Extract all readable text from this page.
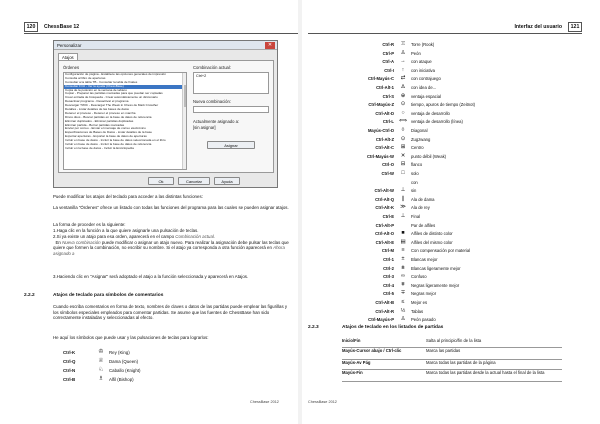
120	ChessBase 12
Personalizar	✕
Atajos
Órdenes
Configuración de página - Establece las opciones generales de impresión
Consulta al libro de aperturas
Consultar a la tabla TB - Consultar la tabla de finales
Consultar Fritz - Ver la ayuda (ChessBase)
Copia de la posición en la ventana de tablero
Copiar - Preparar las partidas marcadas para que puedan ser copiadas
Crear entrada de búsqueda - Crear automáticamente un diccionario
Desactivar programa - Desactivar el programa
Descargar TWIC - Descargar The Week in Chess de Mark Crowther
Detalles - Listar detalles de las bases de datos
Detener el proceso - Detener el proceso en marcha
Dinos dúos - Buscar partidas en la base de datos de referencia
Eliminar duplicados - Eliminar partidas duplicadas
Eliminar partida - Borrar partidas marcadas
Enviar por correo - Enviar el mensaje de correo electrónico
Especificaciones de Bases de Datos - Listar detalles de la base
Exportar aperturas - Exportar la base de datos de aperturas
Incluir en base de datos - Incluir la base de datos seleccionada en el libro
Incluir en base de datos - Incluir la base de datos de referencia
Incluir en la base de datos - Incluir la Enciclopedia
Combinación actual:
Ctrl+2
Nueva combinación:
Actualmente asignado a:
[sin asignar]
Asignar
Ok	Cancelar	Ayuda
Puede modificar los atajos del teclado para acceder a las distintas funciones:
La ventanilla "Órdenes" ofrece un listado con todas las funciones del programa para las cuales se pueden asignar atajos.
La forma de proceder es la siguiente:
1.Haga clic en la función a la que quiere asignarle una pulsación de teclas.
2.Si ya existe un atajo para esa orden, aparecerá en el campo Combinación actual.
En Nueva combinación puede modificar o asignar un atajo nuevo. Para realizar la asignación debe pulsar las teclas que quiere que formen la combinación, no escribir su nombre. Si el atajo ya corresponda a otra función aparecerá en Ahora asignado a
3.Haciendo clic en "Asignar" será adoptado el atajo a la función seleccionada y aparecerá en Atajos.
2.2.2	Atajos de teclado para símbolos de comentarios
Cuando escriba comentarios en forma de texto, nombres de claves o datos de las partidas puede emplear las figurillas y los símbolos especiales empleados para comentar partidas. Se asume que las fuentes de ChessBase han sido correctamente instaladas y seleccionadas al efecto.
He aquí los símbolos que puede usar y las pulsaciones de teclas para lograrlos:
Ctrl-K	♔ Rey (King)
Ctrl-Q	♕ Dama (Queen)
Ctrl-N	♘ Caballo (Knight)
Ctrl-B	♗ Alfil (Bishop)
ChessBase 2012
Interfaz del usuario	121
Ctrl-R ♖	Torre (Rook)
Ctrl-P ♙	Peón
Ctrl-A →	con ataque
Ctrl-I	↑	con iniciativa
Ctrl-Mayús-C	⇄	con contrajuego
Ctrl-Alt-1	∆	con idea de...
Ctrl-S	⊕	ventaja espacial
Ctrl-Mayús-Z	⊙	tiempo, apuros de tiempo (Zeitnot)
Ctrl-Alt-D	○	ventaja de desarrollo
Ctrl-L ⟺ ventaja de desarrollo (línea)
Mayús-Ctrl-D	◊	Diagonal
Ctrl-Alt-Z	⊙	Zugzwang
Ctrl-Alt-C	⊞	Centro
Ctrl-Mayús-W	✕	punto débil (Weak)
Ctrl-O	⊟	flanco
Ctrl-W	□	solo
con
Ctrl-Alt-W	⊥	sin
Ctrl-Alt-Q	∥	Ala de dama
Ctrl-Alt-K ≫ Ala de rey
Ctrl-E	⊥	Final
Ctrl-Alt-P	Par de alfiles
Ctrl-Alt-O	■	Alfiles de distinto color
Ctrl-Alt-E ▤	Alfiles del mismo color
Ctrl-M	≡	Con compensación por material
Ctrl-1	±	Blancas mejor
Ctrl-2	⩲	Blancas ligeramente mejor
Ctrl-3	∞	Confuso
Ctrl-4	⩱	Negras ligeramente mejor
Ctrl-5	∓	Negras mejor
Ctrl-Alt-B	≤	Mejor es
Ctrl-Alt-R	½	Tablas
Ctrl-Mayús-P ♙	Peón pasado
2.2.3	Atajos de teclado en los listados de partidas
Inicio/Fin	Salta al principio/fin de la lista
Mayús-Cursor abajo / Ctrl-clic	Marca las partidas
Mayús-Av Pág	Marca todas las partidas de la página
Mayús-Fin	Marca todas las partidas desde la actual hasta el final de la lista
ChessBase 2012
